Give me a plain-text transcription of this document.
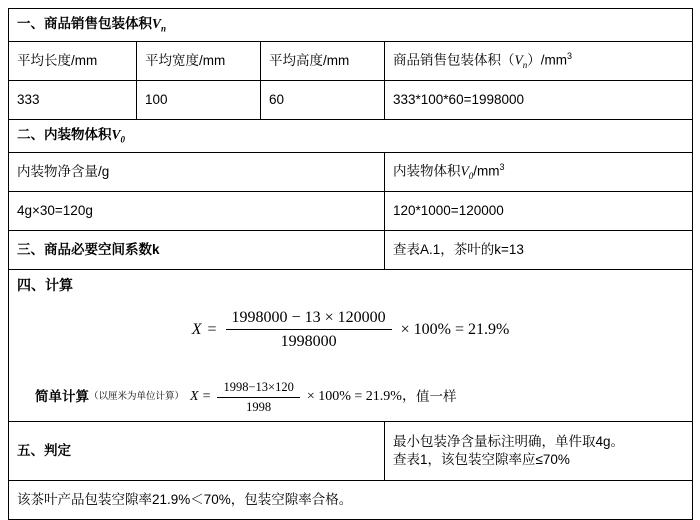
一、商品销售包装体积$V_n$
平均长度/mm	平均宽度/mm	平均高度/mm	商品销售包装体积$(V_n)/mm^3$
333	100	60	333*100*60=1998000
二、内装物体积$V_0$
内装物净含量/g			内装物体积$V_0/mm^3$
4g×30=120g			120*1000=120000
三、商品必要空间系数k			查表A.1，茶叶的k=13

四、计算
$X = \frac{1998000 - 13 \times 120000}{1998000} \times 100\% = 21.9\%$
简单计算 （以厘米为单位计算） $X = \frac{1998-13\times 120}{1998} \times 100\% = 21.9\%$， 值一样

五、判定			最小包装净含量标注明确，单件取4g。
查表1，该包装空隙率应≤70%

该茶叶产品包装空隙率21.9%＜70%，包装空隙率合格。			
